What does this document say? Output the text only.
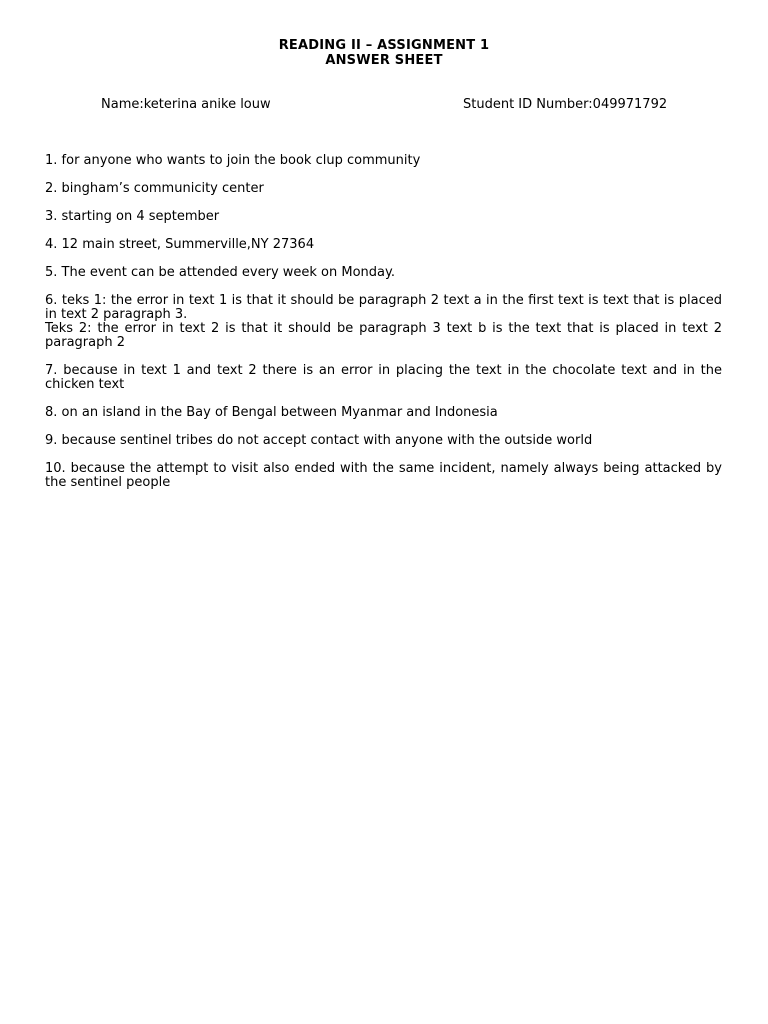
READING II – ASSIGNMENT 1
ANSWER SHEET
Name:keterina anike louw	Student ID Number:049971792
1. for anyone who wants to join the book clup community
2. bingham’s communicity center
3. starting on 4 september
4. 12 main street, Summerville,NY 27364
5. The event can be attended every week on Monday.
6. teks 1: the error in text 1 is that it should be paragraph 2 text a in the first text is text that is placed in text 2 paragraph 3.
Teks 2: the error in text 2 is that it should be paragraph 3 text b is the text that is placed in text 2 paragraph 2
7. because in text 1 and text 2 there is an error in placing the text in the chocolate text and in the chicken text
8. on an island in the Bay of Bengal between Myanmar and Indonesia
9. because sentinel tribes do not accept contact with anyone with the outside world
10. because the attempt to visit also ended with the same incident, namely always being attacked by the sentinel people
